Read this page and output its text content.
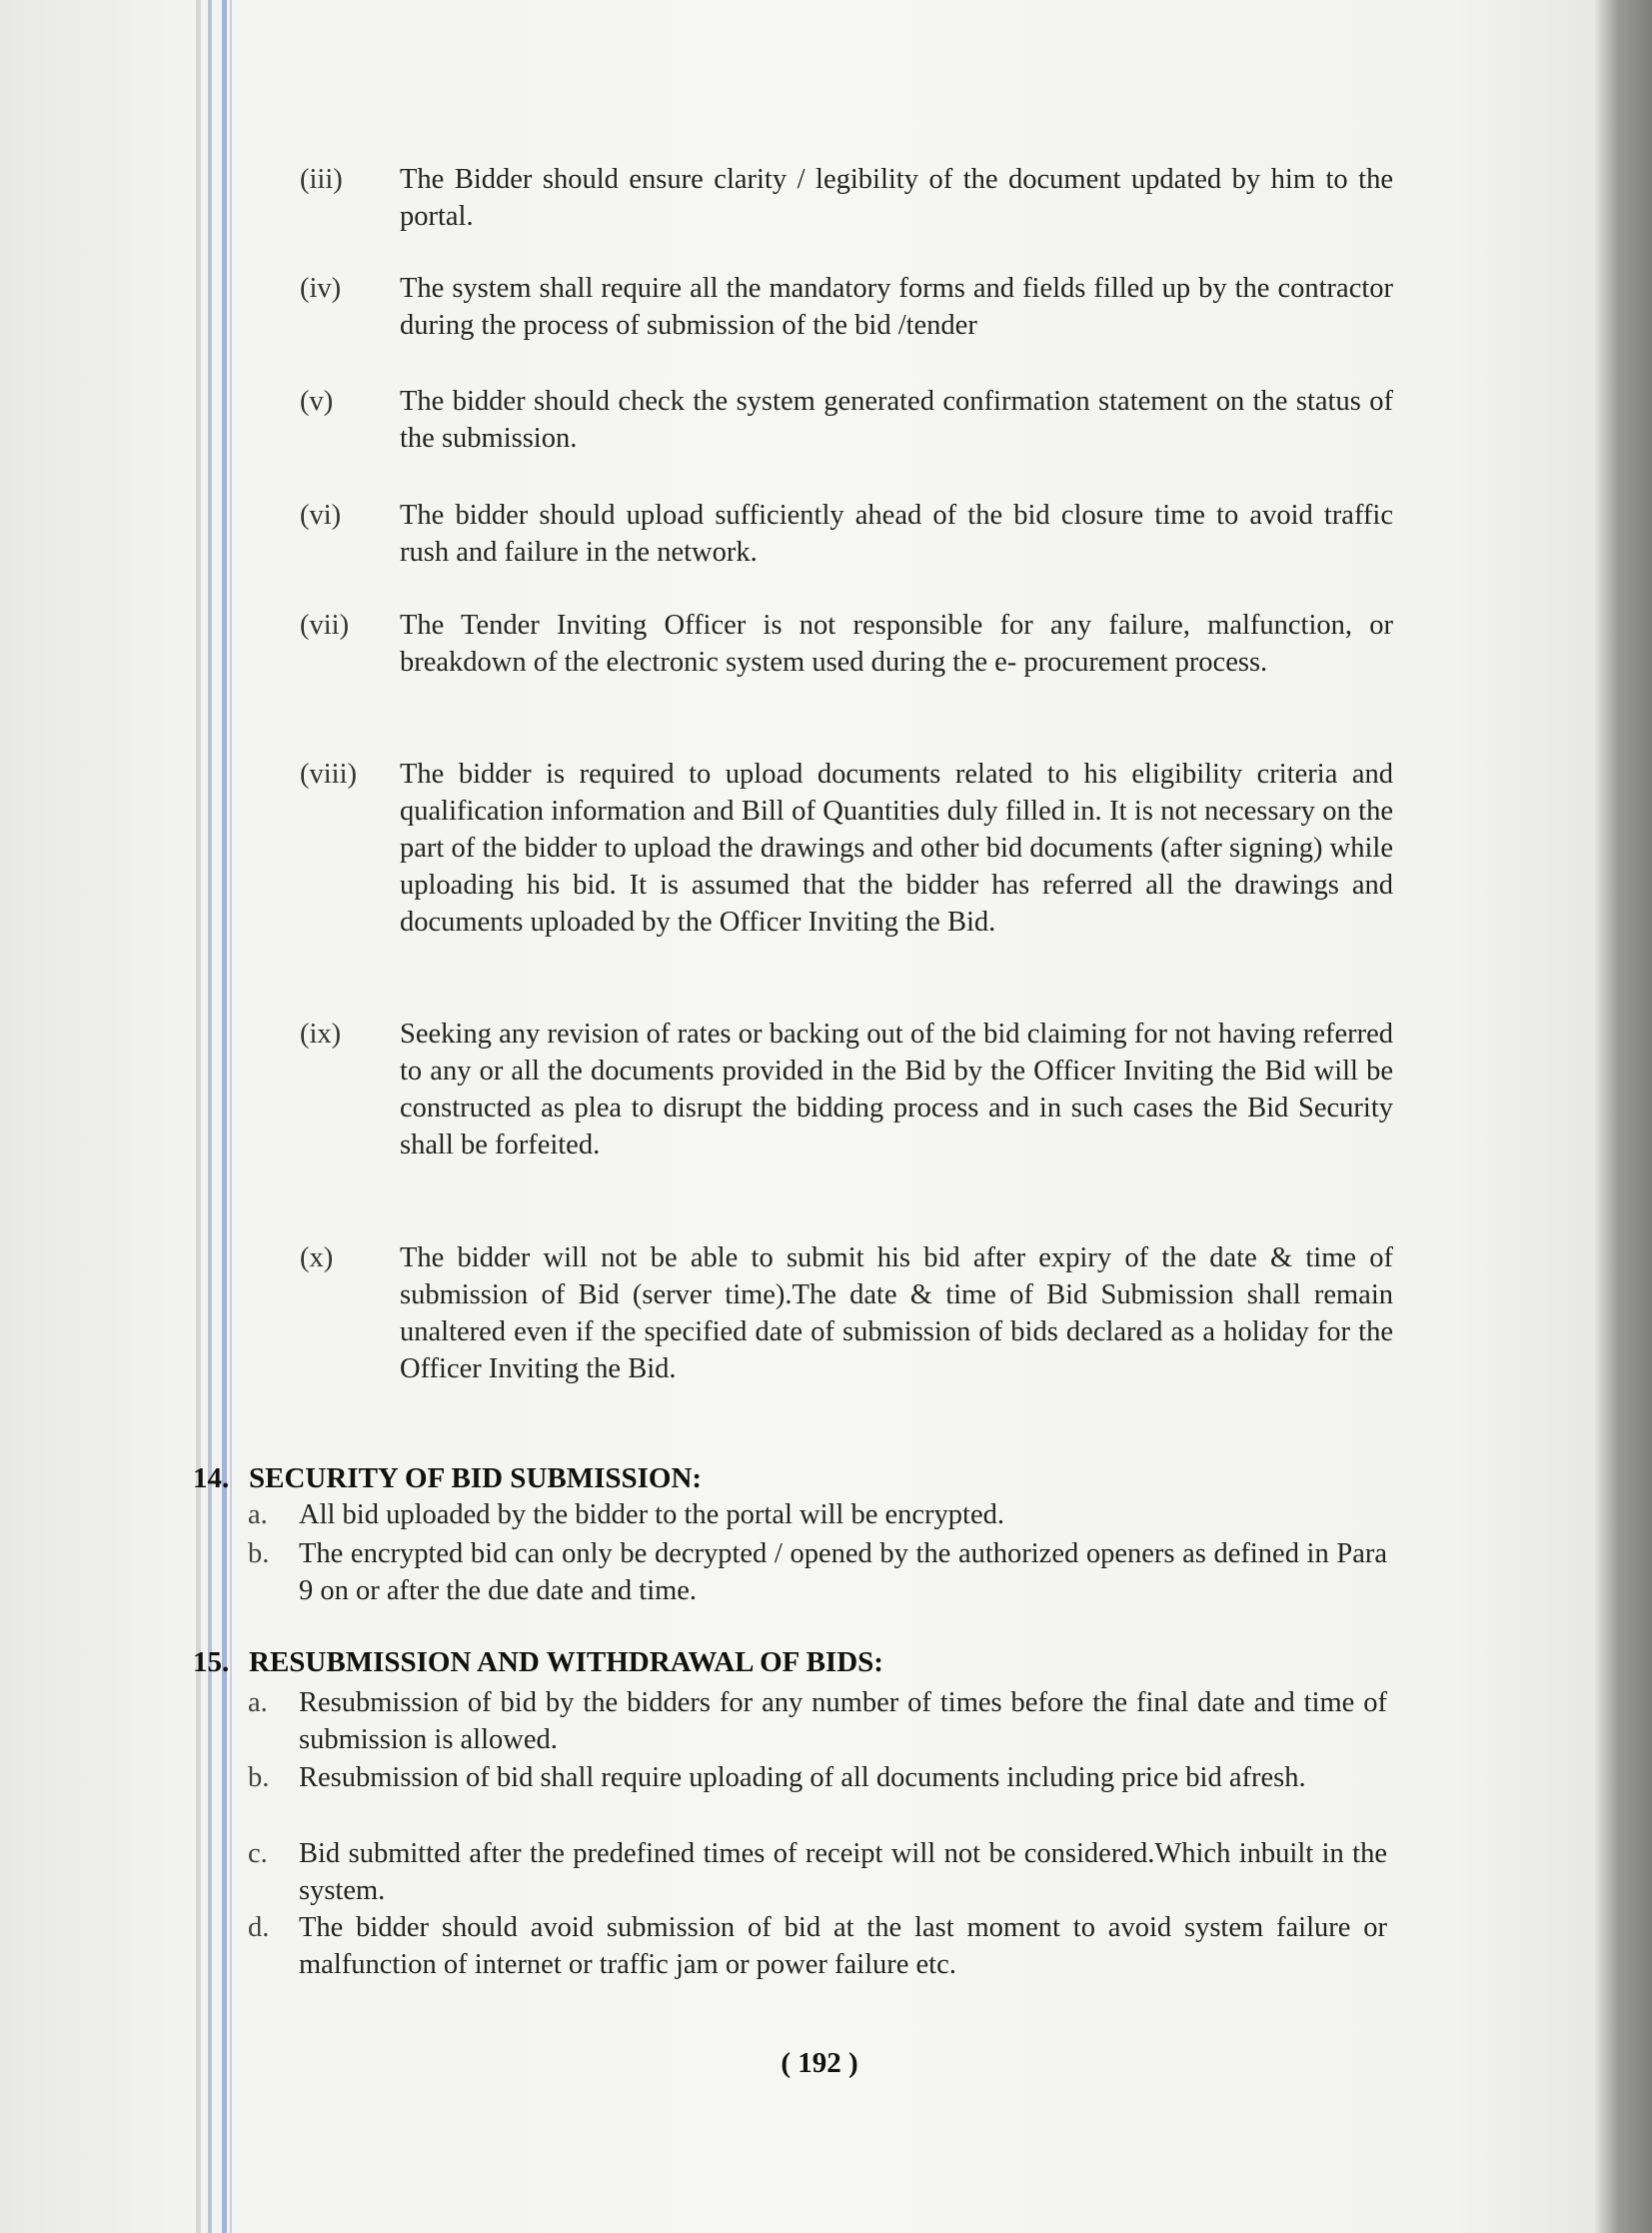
(iii) The Bidder should ensure clarity / legibility of the document updated by him to the portal.
(iv) The system shall require all the mandatory forms and fields filled up by the contractor during the process of submission of the bid /tender
(v) The bidder should check the system generated confirmation statement on the status of the submission.
(vi) The bidder should upload sufficiently ahead of the bid closure time to avoid traffic rush and failure in the network.
(vii) The Tender Inviting Officer is not responsible for any failure, malfunction, or breakdown of the electronic system used during the e- procurement process.
(viii) The bidder is required to upload documents related to his eligibility criteria and qualification information and Bill of Quantities duly filled in. It is not necessary on the part of the bidder to upload the drawings and other bid documents (after signing) while uploading his bid. It is assumed that the bidder has referred all the drawings and documents uploaded by the Officer Inviting the Bid.
(ix) Seeking any revision of rates or backing out of the bid claiming for not having referred to any or all the documents provided in the Bid by the Officer Inviting the Bid will be constructed as plea to disrupt the bidding process and in such cases the Bid Security shall be forfeited.
(x) The bidder will not be able to submit his bid after expiry of the date & time of submission of Bid (server time).The date & time of Bid Submission shall remain unaltered even if the specified date of submission of bids declared as a holiday for the Officer Inviting the Bid.
14. SECURITY OF BID SUBMISSION:
a. All bid uploaded by the bidder to the portal will be encrypted.
b. The encrypted bid can only be decrypted / opened by the authorized openers as defined in Para 9 on or after the due date and time.
15. RESUBMISSION AND WITHDRAWAL OF BIDS:
a. Resubmission of bid by the bidders for any number of times before the final date and time of submission is allowed.
b. Resubmission of bid shall require uploading of all documents including price bid afresh.
c. Bid submitted after the predefined times of receipt will not be considered.Which inbuilt in the system.
d. The bidder should avoid submission of bid at the last moment to avoid system failure or malfunction of internet or traffic jam or power failure etc.
( 192 )
